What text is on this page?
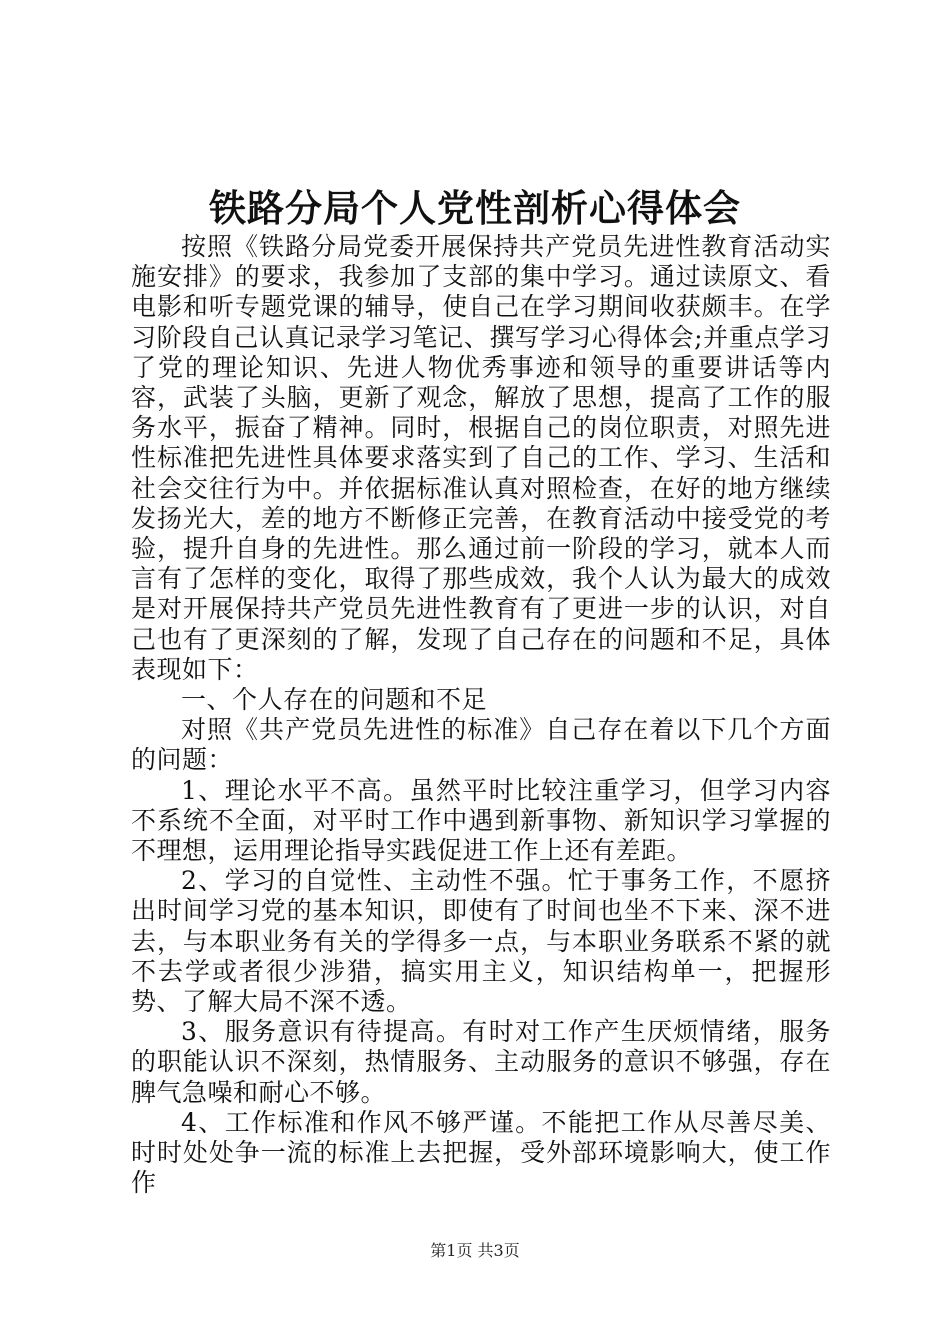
铁路分局个人党性剖析心得体会

按照《铁路分局党委开展保持共产党员先进性教育活动实施安排》的要求，我参加了支部的集中学习。通过读原文、看电影和听专题党课的辅导，使自己在学习期间收获颇丰。在学习阶段自己认真记录学习笔记、撰写学习心得体会;并重点学习了党的理论知识、先进人物优秀事迹和领导的重要讲话等内容，武装了头脑，更新了观念，解放了思想，提高了工作的服务水平，振奋了精神。同时，根据自己的岗位职责，对照先进性标准把先进性具体要求落实到了自己的工作、学习、生活和社会交往行为中。并依据标准认真对照检查，在好的地方继续发扬光大，差的地方不断修正完善，在教育活动中接受党的考验，提升自身的先进性。那么通过前一阶段的学习，就本人而言有了怎样的变化，取得了那些成效，我个人认为最大的成效是对开展保持共产党员先进性教育有了更进一步的认识，对自己也有了更深刻的了解，发现了自己存在的问题和不足，具体表现如下：

一、个人存在的问题和不足

对照《共产党员先进性的标准》自己存在着以下几个方面的问题：

1、理论水平不高。虽然平时比较注重学习，但学习内容不系统不全面，对平时工作中遇到新事物、新知识学习掌握的不理想，运用理论指导实践促进工作上还有差距。

2、学习的自觉性、主动性不强。忙于事务工作，不愿挤出时间学习党的基本知识，即使有了时间也坐不下来、深不进去，与本职业务有关的学得多一点，与本职业务联系不紧的就不去学或者很少涉猎，搞实用主义，知识结构单一，把握形势、了解大局不深不透。

3、服务意识有待提高。有时对工作产生厌烦情绪，服务的职能认识不深刻，热情服务、主动服务的意识不够强，存在脾气急噪和耐心不够。

4、工作标准和作风不够严谨。不能把工作从尽善尽美、时时处处争一流的标准上去把握，受外部环境影响大，使工作作

第1页 共3页
